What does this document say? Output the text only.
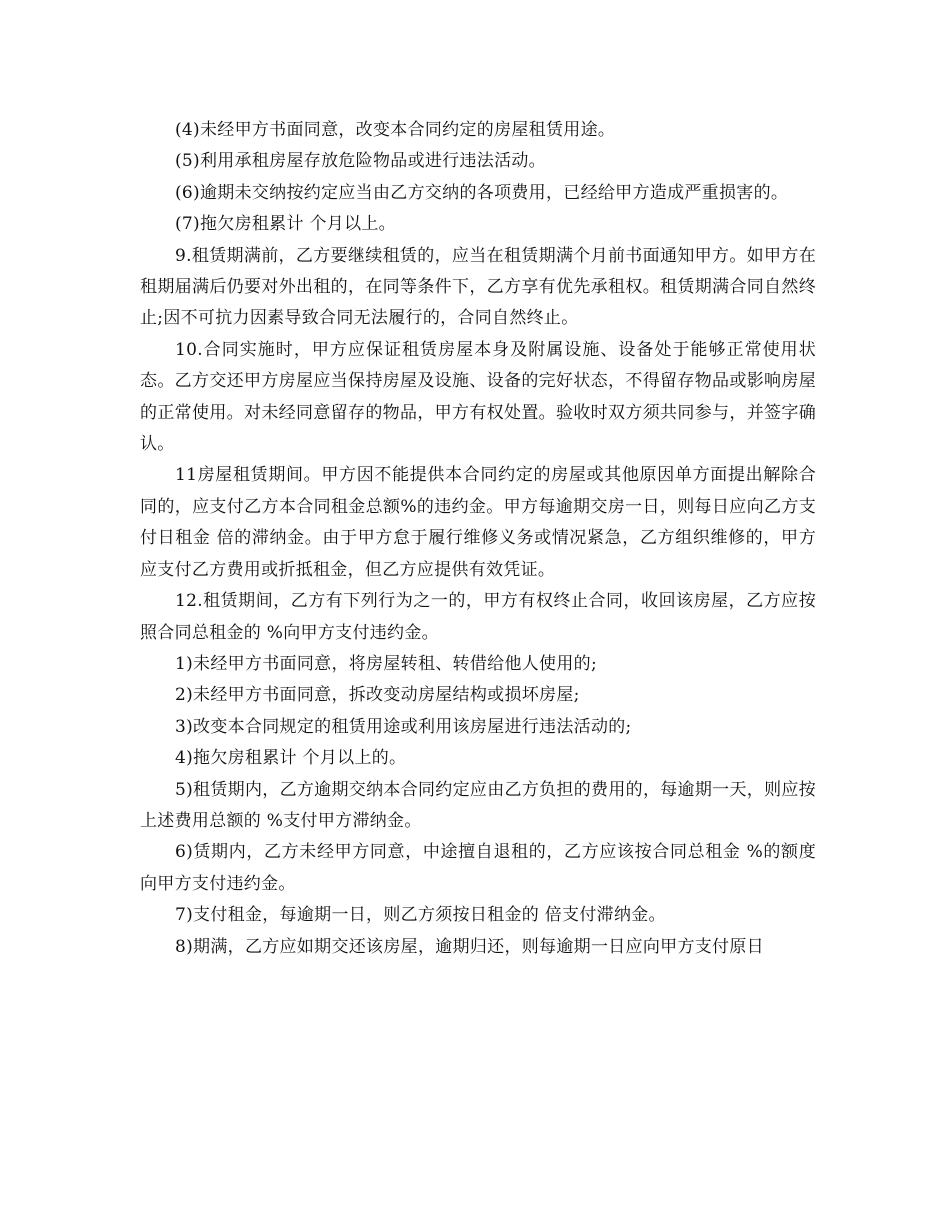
(4)未经甲方书面同意，改变本合同约定的房屋租赁用途。

(5)利用承租房屋存放危险物品或进行违法活动。

(6)逾期未交纳按约定应当由乙方交纳的各项费用，已经给甲方造成严重损害的。

(7)拖欠房租累计 个月以上。

9.租赁期满前，乙方要继续租赁的，应当在租赁期满个月前书面通知甲方。如甲方在租期届满后仍要对外出租的，在同等条件下，乙方享有优先承租权。租赁期满合同自然终止;因不可抗力因素导致合同无法履行的，合同自然终止。

10.合同实施时，甲方应保证租赁房屋本身及附属设施、设备处于能够正常使用状态。乙方交还甲方房屋应当保持房屋及设施、设备的完好状态，不得留存物品或影响房屋的正常使用。对未经同意留存的物品，甲方有权处置。验收时双方须共同参与，并签字确认。

11房屋租赁期间。甲方因不能提供本合同约定的房屋或其他原因单方面提出解除合同的，应支付乙方本合同租金总额%的违约金。甲方每逾期交房一日，则每日应向乙方支付日租金 倍的滞纳金。由于甲方怠于履行维修义务或情况紧急，乙方组织维修的，甲方应支付乙方费用或折抵租金，但乙方应提供有效凭证。

12.租赁期间，乙方有下列行为之一的，甲方有权终止合同，收回该房屋，乙方应按照合同总租金的 %向甲方支付违约金。

1)未经甲方书面同意，将房屋转租、转借给他人使用的;

2)未经甲方书面同意，拆改变动房屋结构或损坏房屋;

3)改变本合同规定的租赁用途或利用该房屋进行违法活动的;

4)拖欠房租累计 个月以上的。

5)租赁期内，乙方逾期交纳本合同约定应由乙方负担的费用的，每逾期一天，则应按上述费用总额的 %支付甲方滞纳金。

6)赁期内，乙方未经甲方同意，中途擅自退租的，乙方应该按合同总租金 %的额度向甲方支付违约金。

7)支付租金，每逾期一日，则乙方须按日租金的 倍支付滞纳金。

8)期满，乙方应如期交还该房屋，逾期归还，则每逾期一日应向甲方支付原日
